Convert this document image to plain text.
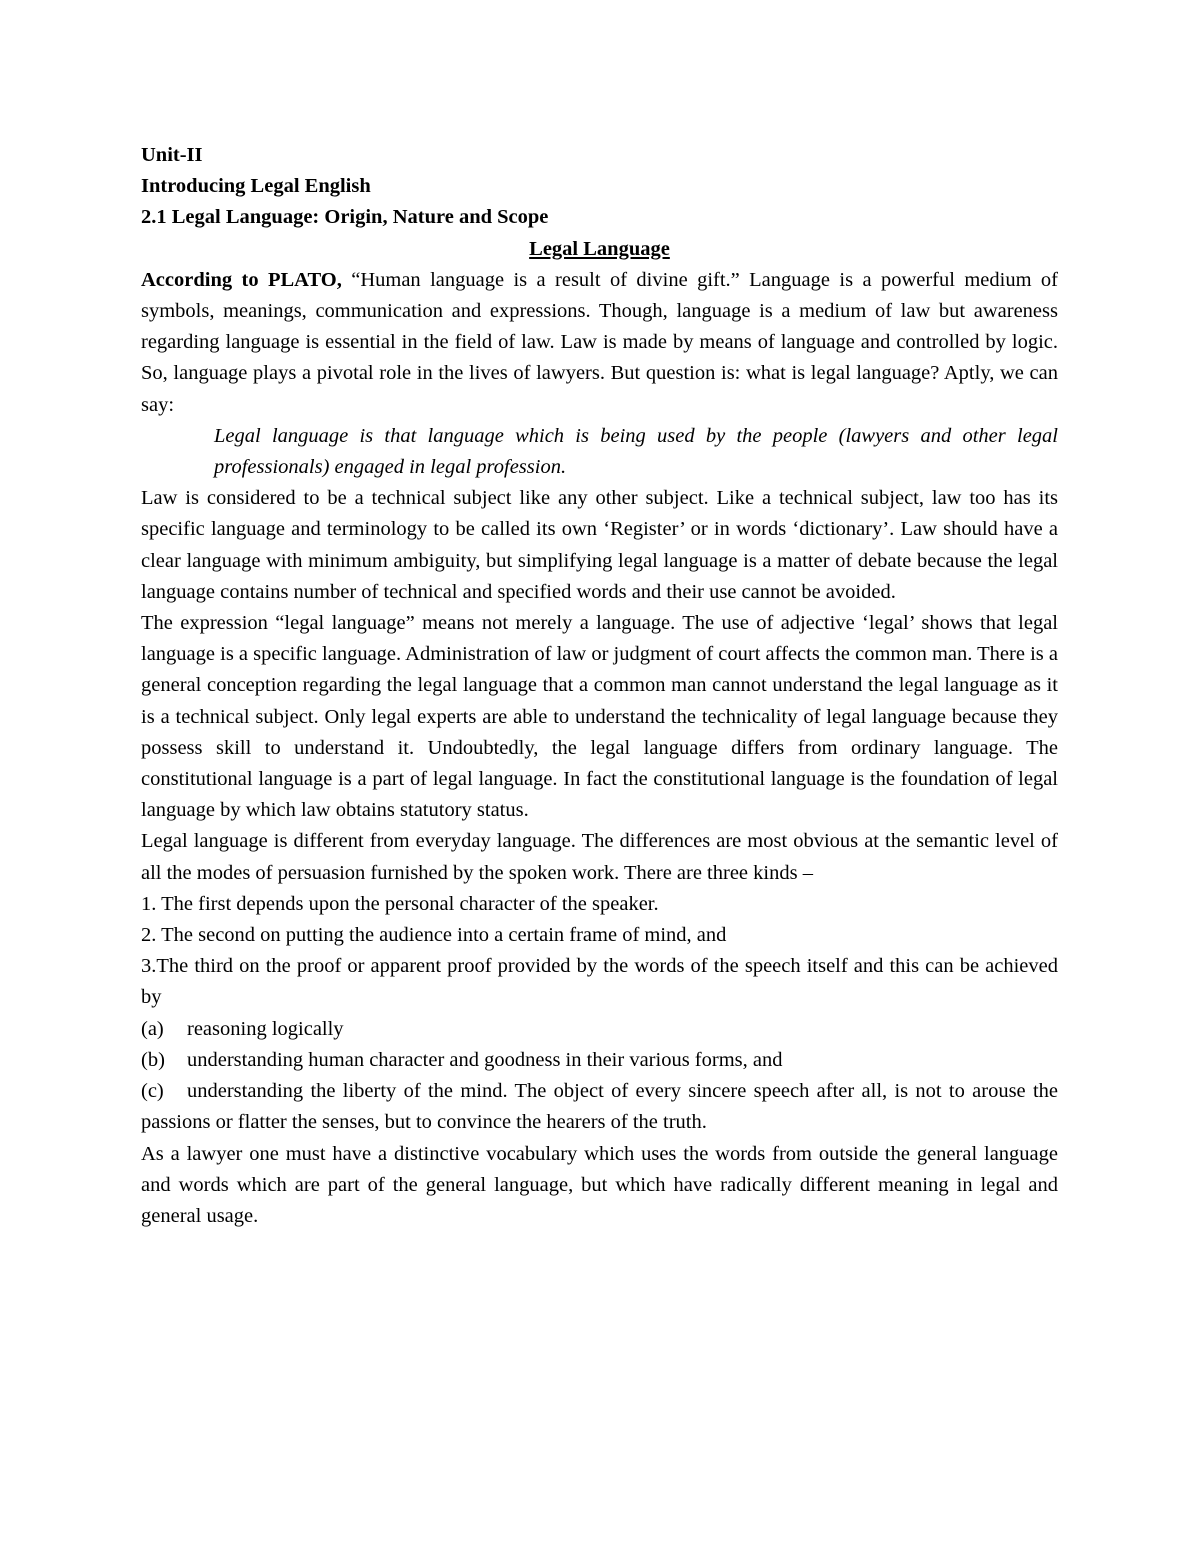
Unit-II

Introducing Legal English

2.1 Legal Language: Origin, Nature and Scope

Legal Language

According to PLATO, “Human language is a result of divine gift.” Language is a powerful medium of symbols, meanings, communication and expressions. Though, language is a medium of law but awareness regarding language is essential in the field of law. Law is made by means of language and controlled by logic. So, language plays a pivotal role in the lives of lawyers. But question is: what is legal language? Aptly, we can say:

Legal language is that language which is being used by the people (lawyers and other legal professionals) engaged in legal profession.

Law is considered to be a technical subject like any other subject. Like a technical subject, law too has its specific language and terminology to be called its own ‘Register’ or in words ‘dictionary’. Law should have a clear language with minimum ambiguity, but simplifying legal language is a matter of debate because the legal language contains number of technical and specified words and their use cannot be avoided.

The expression “legal language” means not merely a language. The use of adjective ‘legal’ shows that legal language is a specific language. Administration of law or judgment of court affects the common man. There is a general conception regarding the legal language that a common man cannot understand the legal language as it is a technical subject. Only legal experts are able to understand the technicality of legal language because they possess skill to understand it. Undoubtedly, the legal language differs from ordinary language. The constitutional language is a part of legal language. In fact the constitutional language is the foundation of legal language by which law obtains statutory status.

Legal language is different from everyday language. The differences are most obvious at the semantic level of all the modes of persuasion furnished by the spoken work. There are three kinds –

1. The first depends upon the personal character of the speaker.

2. The second on putting the audience into a certain frame of mind, and

3.The third on the proof or apparent proof provided by the words of the speech itself and this can be achieved by

(a) reasoning logically

(b) understanding human character and goodness in their various forms, and

(c) understanding the liberty of the mind. The object of every sincere speech after all, is not to arouse the passions or flatter the senses, but to convince the hearers of the truth.

As a lawyer one must have a distinctive vocabulary which uses the words from outside the general language and words which are part of the general language, but which have radically different meaning in legal and general usage.
